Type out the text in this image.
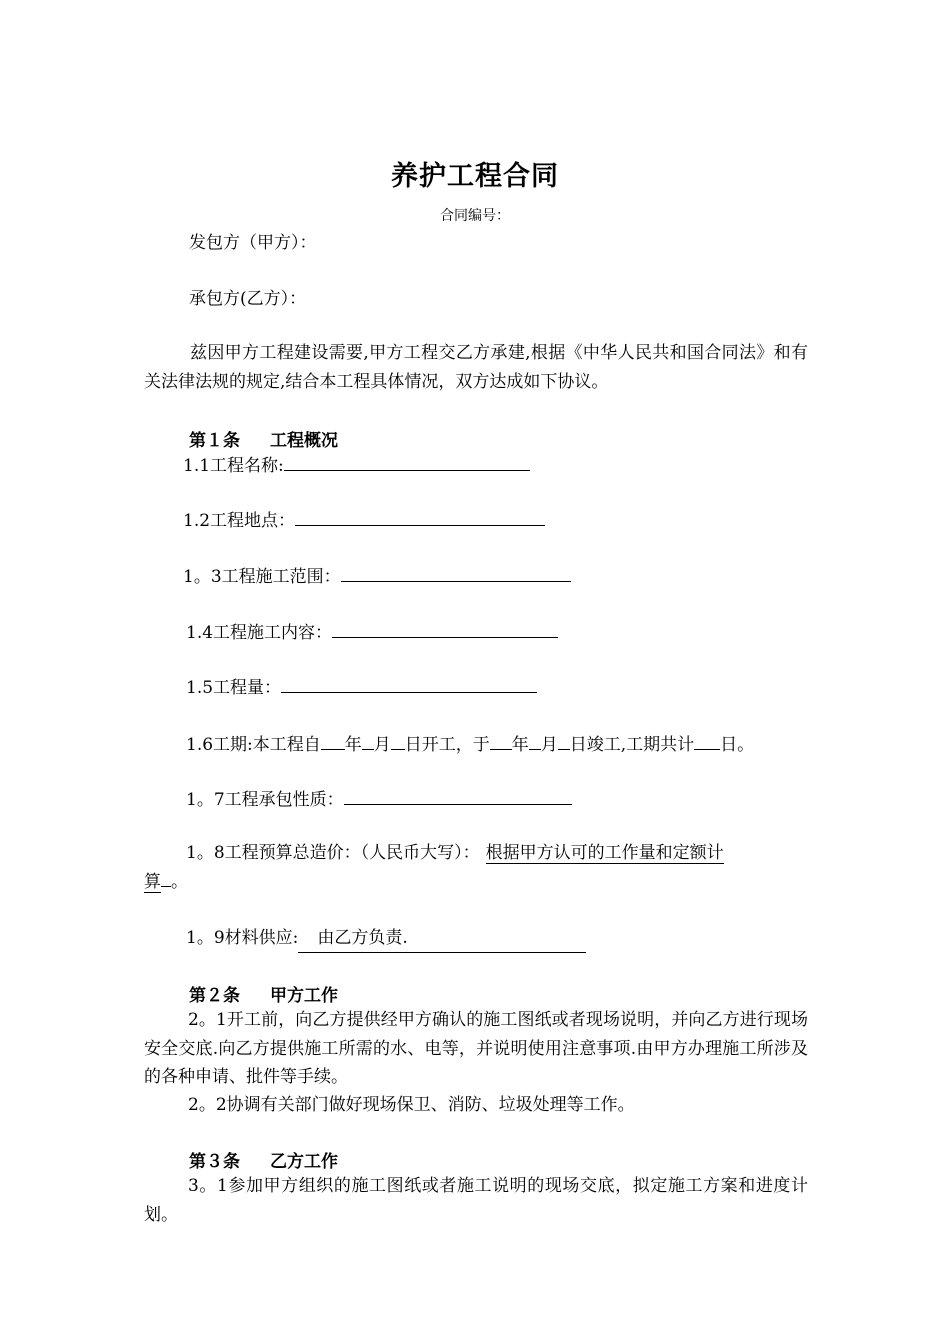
养护工程合同
合同编号：
发包方（甲方）：
承包方(乙方）：
兹因甲方工程建设需要,甲方工程交乙方承建,根据《中华人民共和国合同法》和有关法律法规的规定,结合本工程具体情况，双方达成如下协议。
第１条 工程概况
1.1工程名称:
1.2工程地点：
1。3工程施工范围：
1.4工程施工内容：
1.5工程量：
1.6工期:本工程自 年 月 日开工，于 年 月 日竣工,工期共计 日。
1。7工程承包性质：
1。8工程预算总造价：（人民币大写）： 根据甲方认可的工作量和定额计
算 。
1。9材料供应: 由乙方负责.
第２条 甲方工作
2。1开工前，向乙方提供经甲方确认的施工图纸或者现场说明，并向乙方进行现场安全交底.向乙方提供施工所需的水、电等，并说明使用注意事项.由甲方办理施工所涉及的各种申请、批件等手续。
2。2协调有关部门做好现场保卫、消防、垃圾处理等工作。
第３条 乙方工作
3。1参加甲方组织的施工图纸或者施工说明的现场交底，拟定施工方案和进度计划。
